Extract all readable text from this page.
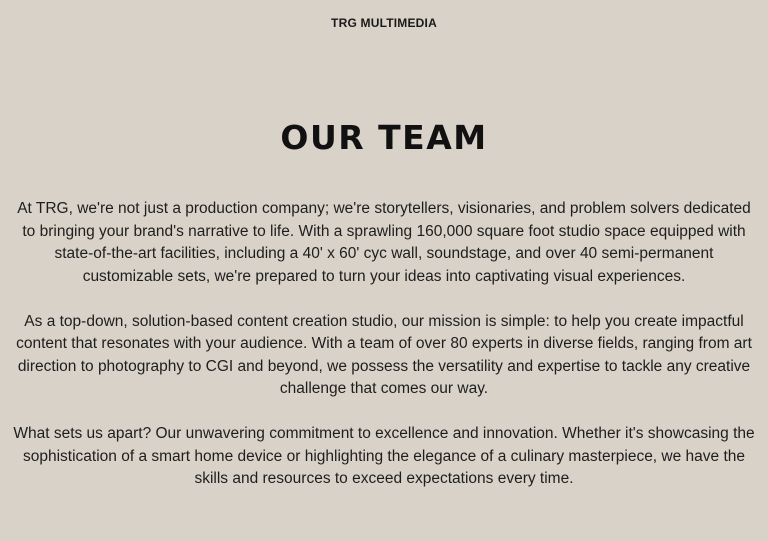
TRG MULTIMEDIA
OUR TEAM

At TRG, we're not just a production company; we're storytellers, visionaries, and problem solvers dedicated to bringing your brand's narrative to life. With a sprawling 160,000 square foot studio space equipped with state-of-the-art facilities, including a 40' x 60' cyc wall, soundstage, and over 40 semi-permanent customizable sets, we're prepared to turn your ideas into captivating visual experiences.

As a top-down, solution-based content creation studio, our mission is simple: to help you create impactful content that resonates with your audience. With a team of over 80 experts in diverse fields, ranging from art direction to photography to CGI and beyond, we possess the versatility and expertise to tackle any creative challenge that comes our way.

What sets us apart? Our unwavering commitment to excellence and innovation. Whether it's showcasing the sophistication of a smart home device or highlighting the elegance of a culinary masterpiece, we have the skills and resources to exceed expectations every time.
